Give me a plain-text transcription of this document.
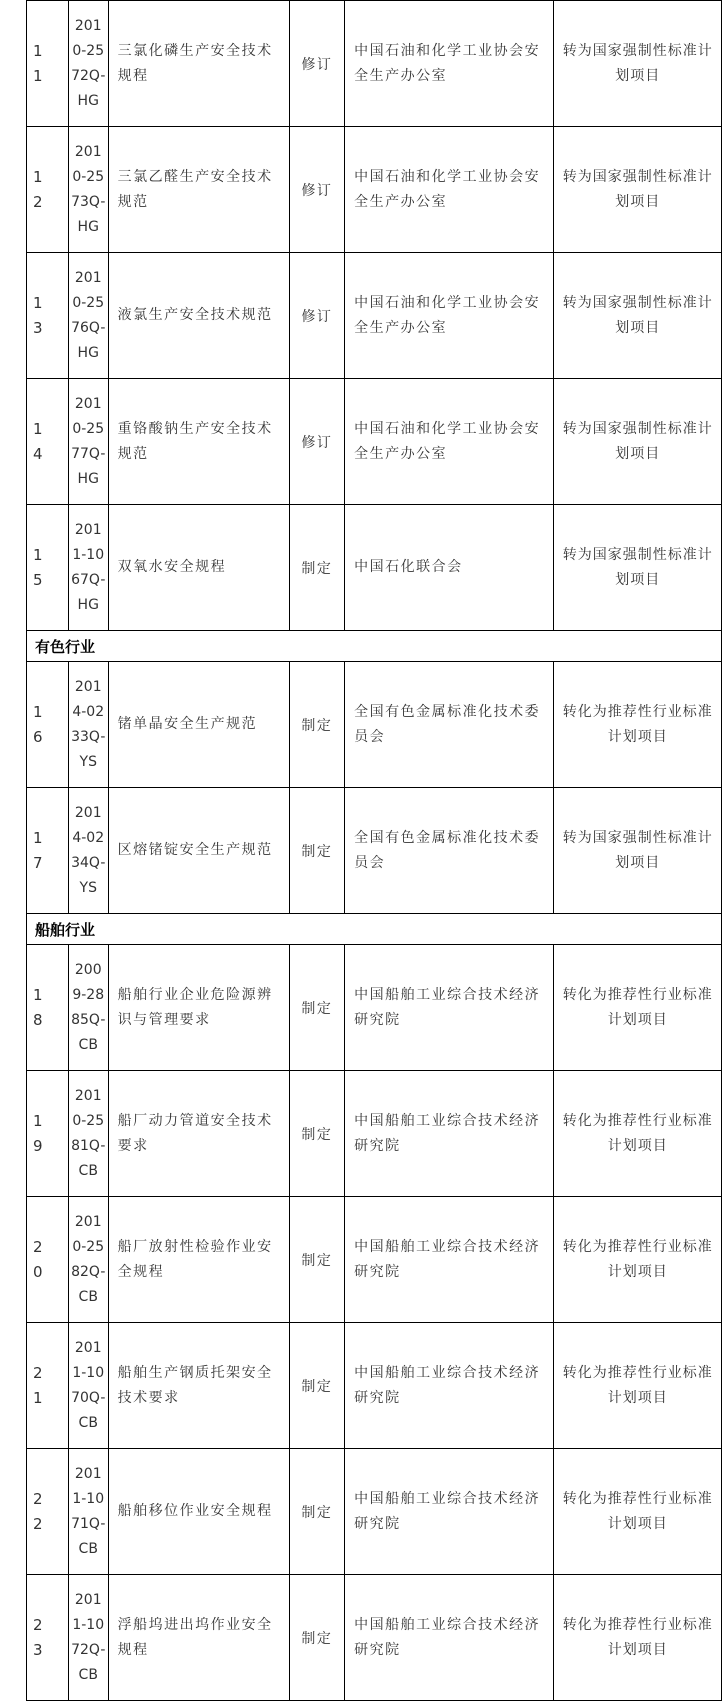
11	2010-2572Q-HG	三氯化磷生产安全技术规程	修订	中国石油和化学工业协会安全生产办公室	转为国家强制性标准计划项目
12	2010-2573Q-HG	三氯乙醛生产安全技术规范	修订	中国石油和化学工业协会安全生产办公室	转为国家强制性标准计划项目
13	2010-2576Q-HG	液氯生产安全技术规范	修订	中国石油和化学工业协会安全生产办公室	转为国家强制性标准计划项目
14	2010-2577Q-HG	重铬酸钠生产安全技术规范	修订	中国石油和化学工业协会安全生产办公室	转为国家强制性标准计划项目
15	2011-1067Q-HG	双氧水安全规程	制定	中国石化联合会	转为国家强制性标准计划项目
有色行业					
16	2014-0233Q-YS	锗单晶安全生产规范	制定	全国有色金属标准化技术委员会	转化为推荐性行业标准计划项目
17	2014-0234Q-YS	区熔锗锭安全生产规范	制定	全国有色金属标准化技术委员会	转为国家强制性标准计划项目
船舶行业					
18	2009-2885Q-CB	船舶行业企业危险源辨识与管理要求	制定	中国船舶工业综合技术经济研究院	转化为推荐性行业标准计划项目
19	2010-2581Q-CB	船厂动力管道安全技术要求	制定	中国船舶工业综合技术经济研究院	转化为推荐性行业标准计划项目
20	2010-2582Q-CB	船厂放射性检验作业安全规程	制定	中国船舶工业综合技术经济研究院	转化为推荐性行业标准计划项目
21	2011-1070Q-CB	船舶生产钢质托架安全技术要求	制定	中国船舶工业综合技术经济研究院	转化为推荐性行业标准计划项目
22	2011-1071Q-CB	船舶移位作业安全规程	制定	中国船舶工业综合技术经济研究院	转化为推荐性行业标准计划项目
23	2011-1072Q-CB	浮船坞进出坞作业安全规程	制定	中国船舶工业综合技术经济研究院	转化为推荐性行业标准计划项目
